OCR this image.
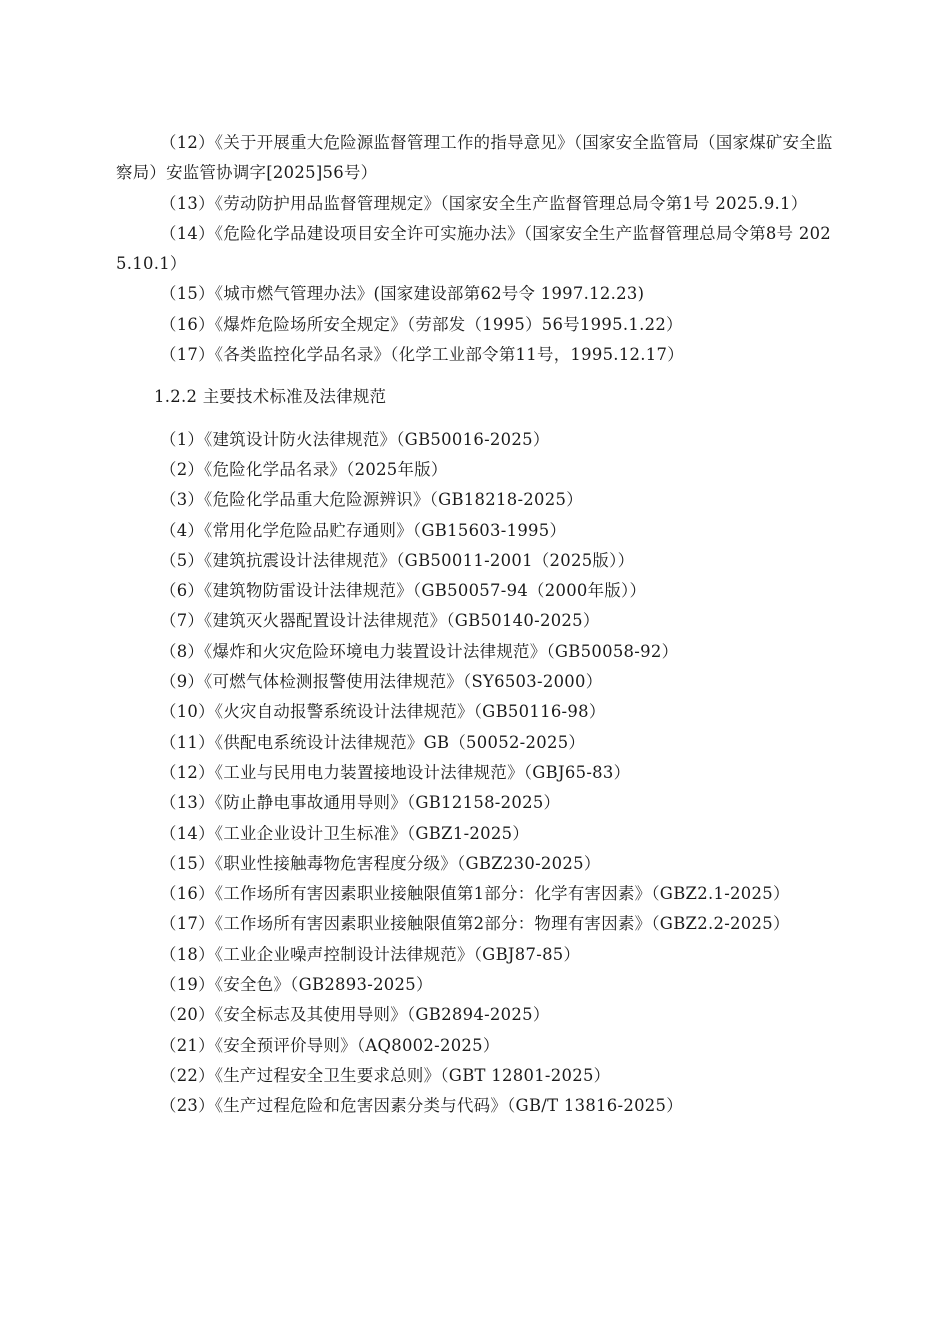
（12）《关于开展重大危险源监督管理工作的指导意见》（国家安全监管局（国家煤矿安全监察局）安监管协调字[2025]56号）

（13）《劳动防护用品监督管理规定》（国家安全生产监督管理总局令第1号 2025.9.1）

（14）《危险化学品建设项目安全许可实施办法》（国家安全生产监督管理总局令第8号 2025.10.1）

（15）《城市燃气管理办法》(国家建设部第62号令 1997.12.23)

（16）《爆炸危险场所安全规定》（劳部发（1995）56号1995.1.22）

（17）《各类监控化学品名录》（化学工业部令第11号，1995.12.17）

1.2.2 主要技术标准及法律规范

（1）《建筑设计防火法律规范》（GB50016-2025）

（2）《危险化学品名录》（2025年版）

（3）《危险化学品重大危险源辨识》（GB18218-2025）

（4）《常用化学危险品贮存通则》（GB15603-1995）

（5）《建筑抗震设计法律规范》（GB50011-2001（2025版））

（6）《建筑物防雷设计法律规范》（GB50057-94（2000年版））

（7）《建筑灭火器配置设计法律规范》（GB50140-2025）

（8）《爆炸和火灾危险环境电力装置设计法律规范》（GB50058-92）

（9）《可燃气体检测报警使用法律规范》（SY6503-2000）

（10）《火灾自动报警系统设计法律规范》（GB50116-98）

（11）《供配电系统设计法律规范》GB（50052-2025）

（12）《工业与民用电力装置接地设计法律规范》（GBJ65-83）

（13）《防止静电事故通用导则》（GB12158-2025）

（14）《工业企业设计卫生标准》（GBZ1-2025）

（15）《职业性接触毒物危害程度分级》（GBZ230-2025）

（16）《工作场所有害因素职业接触限值第1部分：化学有害因素》（GBZ2.1-2025）

（17）《工作场所有害因素职业接触限值第2部分：物理有害因素》（GBZ2.2-2025）

（18）《工业企业噪声控制设计法律规范》（GBJ87-85）

（19）《安全色》（GB2893-2025）

（20）《安全标志及其使用导则》（GB2894-2025）

（21）《安全预评价导则》（AQ8002-2025）

（22）《生产过程安全卫生要求总则》（GBT 12801-2025）

（23）《生产过程危险和危害因素分类与代码》（GB/T 13816-2025）
